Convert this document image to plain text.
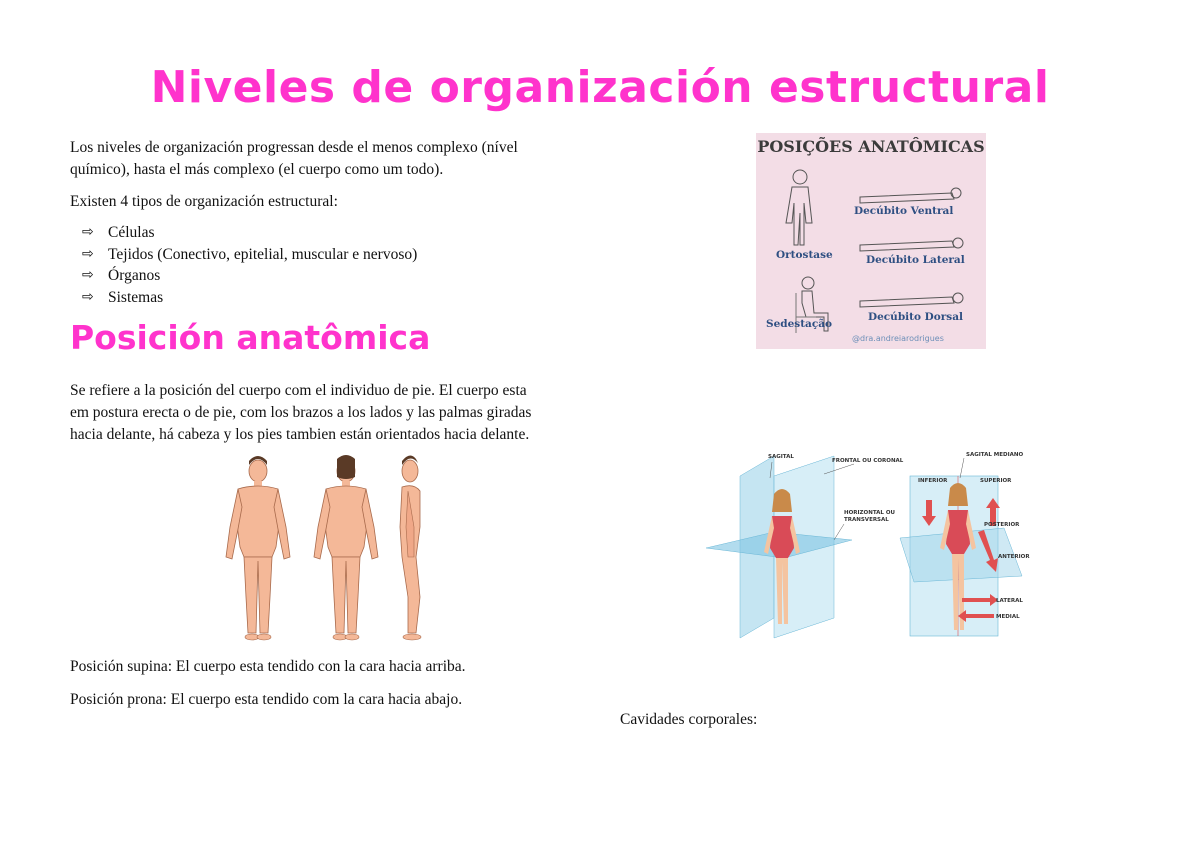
Niveles de organización estructural
Los niveles de organización progressan desde el menos complexo (nível
químico), hasta el más complexo (el cuerpo como um todo).
Existen 4 tipos de organización estructural:
⇨ Células
⇨ Tejidos (Conectivo, epitelial, muscular e nervoso)
⇨ Órganos
⇨ Sistemas
Posición anatômica
Se refiere a la posición del cuerpo com el individuo de pie. El cuerpo esta
em postura erecta o de pie, com los brazos a los lados y las palmas giradas
hacia delante, há cabeza y los pies tambien están orientados hacia delante.
Posición supina: El cuerpo esta tendido con la cara hacia arriba.
Posición prona: El cuerpo esta tendido com la cara hacia abajo.
Cavidades corporales:
POSIÇÕES ANATÔMICAS
Decúbito Ventral
Ortostase	Decúbito Lateral
Sedestação
Decúbito Dorsal
@dra.andreiarodrigues
SAGITAL
FRONTAL OU CORONAL
SAGITAL MEDIANO
HORIZONTAL OU
TRANSVERSAL
INFERIOR	SUPERIOR
POSTERIOR
ANTERIOR
LATERAL
MEDIAL
